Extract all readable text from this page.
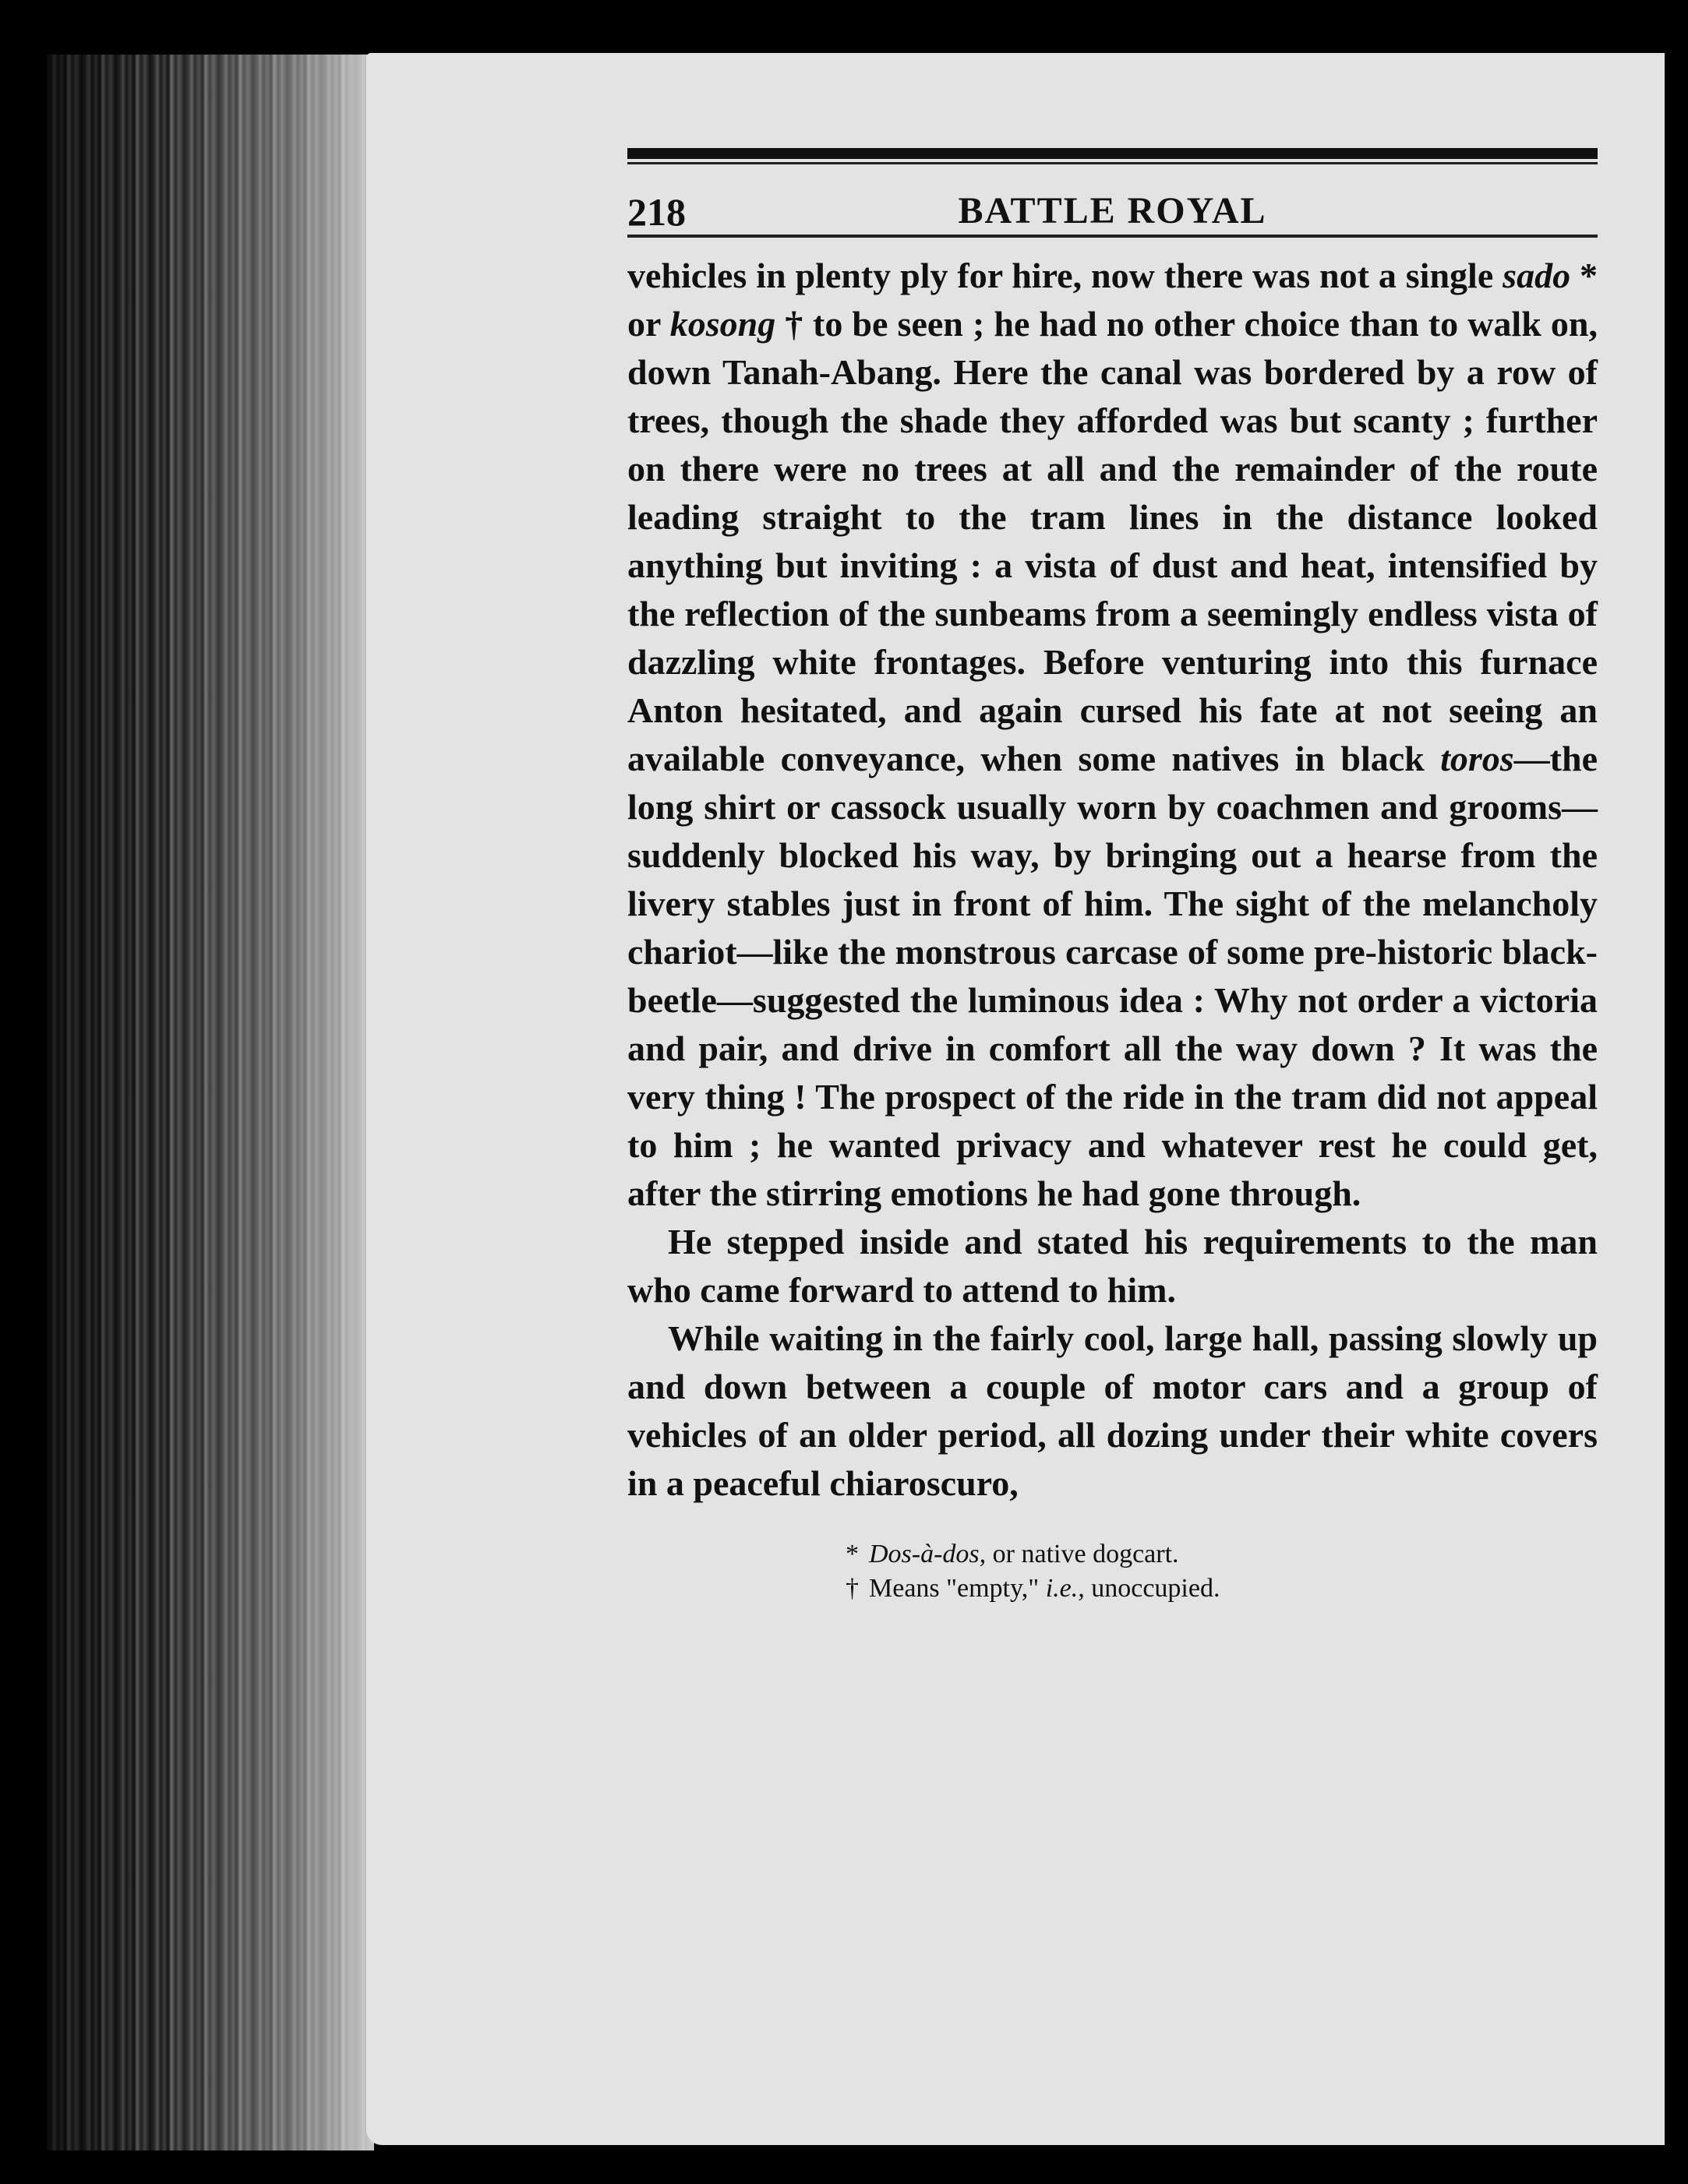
218	BATTLE ROYAL

vehicles in plenty ply for hire, now there was not a single sado * or kosong † to be seen ; he had no other choice than to walk on, down Tanah-Abang. Here the canal was bordered by a row of trees, though the shade they afforded was but scanty ; further on there were no trees at all and the remainder of the route leading straight to the tram lines in the distance looked anything but inviting : a vista of dust and heat, intensified by the reflection of the sunbeams from a seemingly endless vista of dazzling white frontages. Before venturing into this furnace Anton hesitated, and again cursed his fate at not seeing an available conveyance, when some natives in black toros—the long shirt or cassock usually worn by coachmen and grooms—suddenly blocked his way, by bringing out a hearse from the livery stables just in front of him. The sight of the melancholy chariot—like the monstrous carcase of some pre-historic black-beetle—suggested the luminous idea : Why not order a victoria and pair, and drive in comfort all the way down ? It was the very thing ! The prospect of the ride in the tram did not appeal to him ; he wanted privacy and whatever rest he could get, after the stirring emotions he had gone through.

He stepped inside and stated his requirements to the man who came forward to attend to him.

While waiting in the fairly cool, large hall, passing slowly up and down between a couple of motor cars and a group of vehicles of an older period, all dozing under their white covers in a peaceful chiaroscuro,

* Dos-à-dos, or native dogcart.
† Means "empty," i.e., unoccupied.
